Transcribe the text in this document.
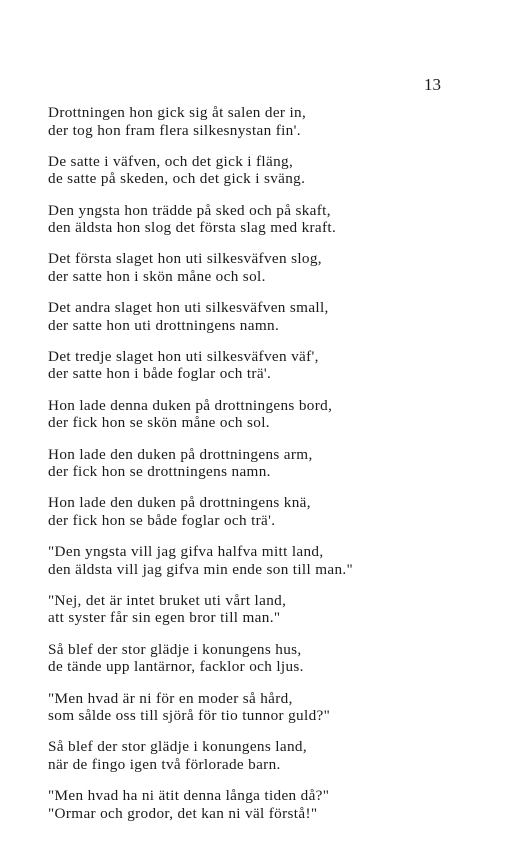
13
Drottningen hon gick sig åt salen der in,
der tog hon fram flera silkesnystan fin'.
De satte i väfven, och det gick i fläng,
de satte på skeden, och det gick i sväng.
Den yngsta hon trädde på sked och på skaft,
den äldsta hon slog det första slag med kraft.
Det första slaget hon uti silkesväfven slog,
der satte hon i skön måne och sol.
Det andra slaget hon uti silkesväfven small,
der satte hon uti drottningens namn.
Det tredje slaget hon uti silkesväfven väf',
der satte hon i både foglar och trä'.
Hon lade denna duken på drottningens bord,
der fick hon se skön måne och sol.
Hon lade den duken på drottningens arm,
der fick hon se drottningens namn.
Hon lade den duken på drottningens knä,
der fick hon se både foglar och trä'.
"Den yngsta vill jag gifva halfva mitt land,
den äldsta vill jag gifva min ende son till man."
"Nej, det är intet bruket uti vårt land,
att syster får sin egen bror till man."
Så blef der stor glädje i konungens hus,
de tände upp lantärnor, facklor och ljus.
"Men hvad är ni för en moder så hård,
som sålde oss till sjörå för tio tunnor guld?"
Så blef der stor glädje i konungens land,
när de fingo igen två förlorade barn.
"Men hvad ha ni ätit denna långa tiden då?"
"Ormar och grodor, det kan ni väl förstå!"
